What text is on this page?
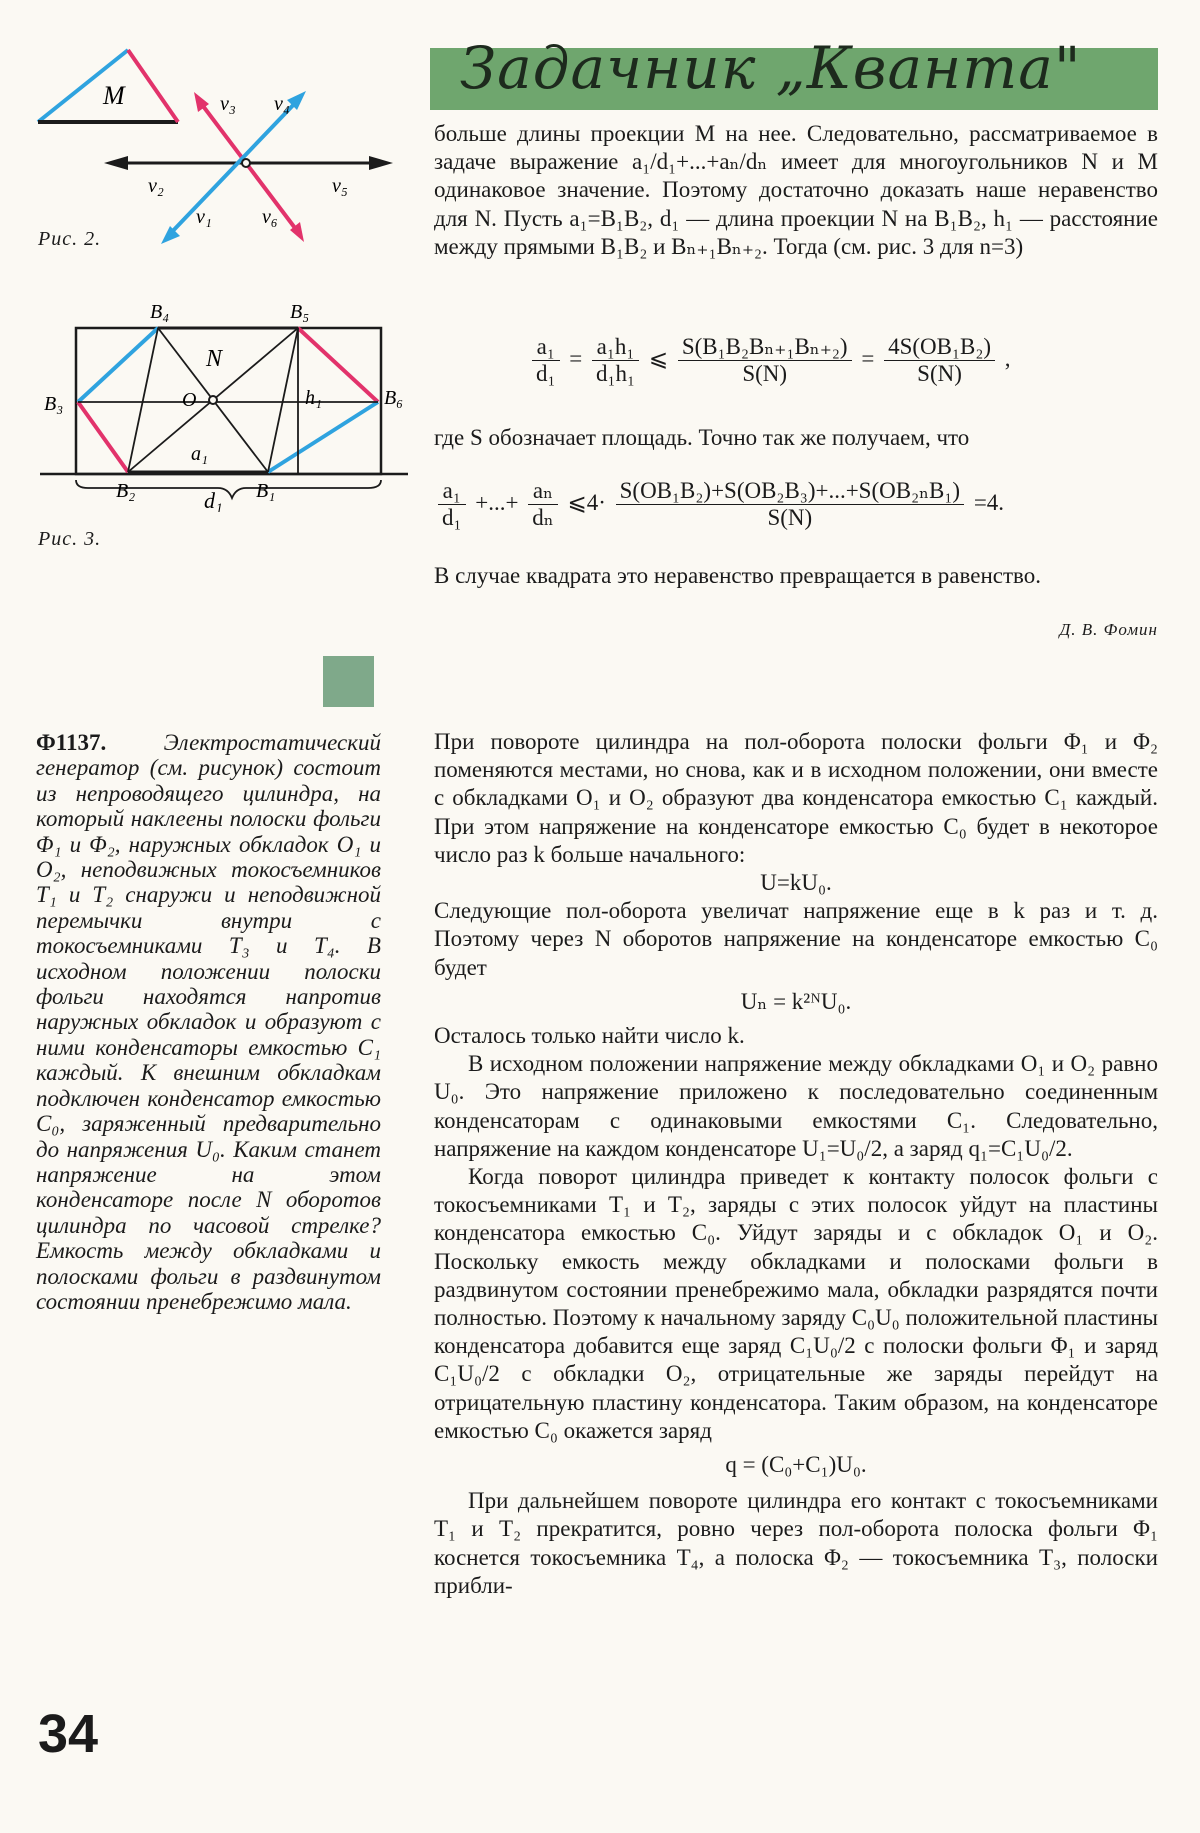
M	v₃ v₄
v₂	v₅
v₁	v₆
Рис. 2.
B₄	B₅
N
B₃	O	h₁	B₆
a₁
B₂	d₁ B₁
Рис. 3.
Задачник „Кванта"

больше длины проекции M на нее. Следовательно, рассматриваемое в задаче выражение a₁/d₁+...+aₙ/dₙ имеет для многоугольников N и M одинаковое значение. Поэтому достаточно доказать наше неравенство для N. Пусть a₁=B₁B₂, d₁ — длина проекции N на B₁B₂, h₁ — расстояние между прямыми B₁B₂ и Bₙ₊₁Bₙ₊₂. Тогда (см. рис. 3 для n=3)

$\frac{\text{a₁}}{\text{d₁}} = \frac{\text{a₁h₁}}{\text{d₁h₁}}$ ⩽ $\frac{\text{S(B₁B₂Bₙ₊₁Bₙ₊₂)}}{S(N)} = \frac{\text{4S(OB₁B₂)}}{S(N)}$ ,

где S обозначает площадь. Точно так же получаем, что

$\frac{\text{a₁}}{\text{d₁}}$ +...+ $\frac{\text{aₙ}}{\text{dₙ}}$ ⩽4· $\frac{\text{S(OB₁B₂)+S(OB₂B₃)+...+S(OB₂ₙB₁)}}{S(N)} =4$.

В случае квадрата это неравенство превращается в равенство.

Д. В. Фомин
Ф1137. Электростатический генератор (см. рисунок) состоит из непроводящего цилиндра, на который наклеены полоски фольги Φ₁ и Φ₂, наружных обкладок O₁ и O₂, неподвижных токосъемников T₁ и T₂ снаружи и неподвижной перемычки внутри с токосъемниками T₃ и T₄. В исходном положении полоски фольги находятся напротив наружных обкладок и образуют с ними конденсаторы емкостью C₁ каждый. К внешним обкладкам подключен конденсатор емкостью C₀, заряженный предварительно до напряжения U₀. Каким станет напряжение на этом конденсаторе после N оборотов цилиндра по часовой стрелке? Емкость между обкладками и полосками фольги в раздвинутом состоянии пренебрежимо мала.

При повороте цилиндра на пол-оборота полоски фольги Φ₁ и Φ₂ поменяются местами, но снова, как и в исходном положении, они вместе с обкладками O₁ и O₂ образуют два конденсатора емкостью C₁ каждый. При этом напряжение на конденсаторе емкостью C₀ будет в некоторое число раз k больше начального:

U=kU₀.

Следующие пол-оборота увеличат напряжение еще в k раз и т. д. Поэтому через N оборотов напряжение на конденсаторе емкостью C₀ будет

Uₙ = k²ᴺU₀.

Осталось только найти число k.

В исходном положении напряжение между обкладками O₁ и O₂ равно U₀. Это напряжение приложено к последовательно соединенным конденсаторам с одинаковыми емкостями C₁. Следовательно, напряжение на каждом конденсаторе U₁=U₀/2, а заряд q₁=C₁U₀/2.

Когда поворот цилиндра приведет к контакту полосок фольги с токосъемниками T₁ и T₂, заряды с этих полосок уйдут на пластины конденсатора емкостью C₀. Уйдут заряды и с обкладок O₁ и O₂. Поскольку емкость между обкладками и полосками фольги в раздвинутом состоянии пренебрежимо мала, обкладки разрядятся почти полностью. Поэтому к начальному заряду C₀U₀ положительной пластины конденсатора добавится еще заряд C₁U₀/2 с полоски фольги Φ₁ и заряд C₁U₀/2 с обкладки O₂, отрицательные же заряды перейдут на отрицательную пластину конденсатора. Таким образом, на конденсаторе емкостью C₀ окажется заряд

q = (C₀+C₁)U₀.

При дальнейшем повороте цилиндра его контакт с токосъемниками T₁ и T₂ прекратится, ровно через пол-оборота полоска фольги Φ₁ коснется токосъемника T₄, а полоска Φ₂ — токосъемника T₃, полоски прибли-

34
